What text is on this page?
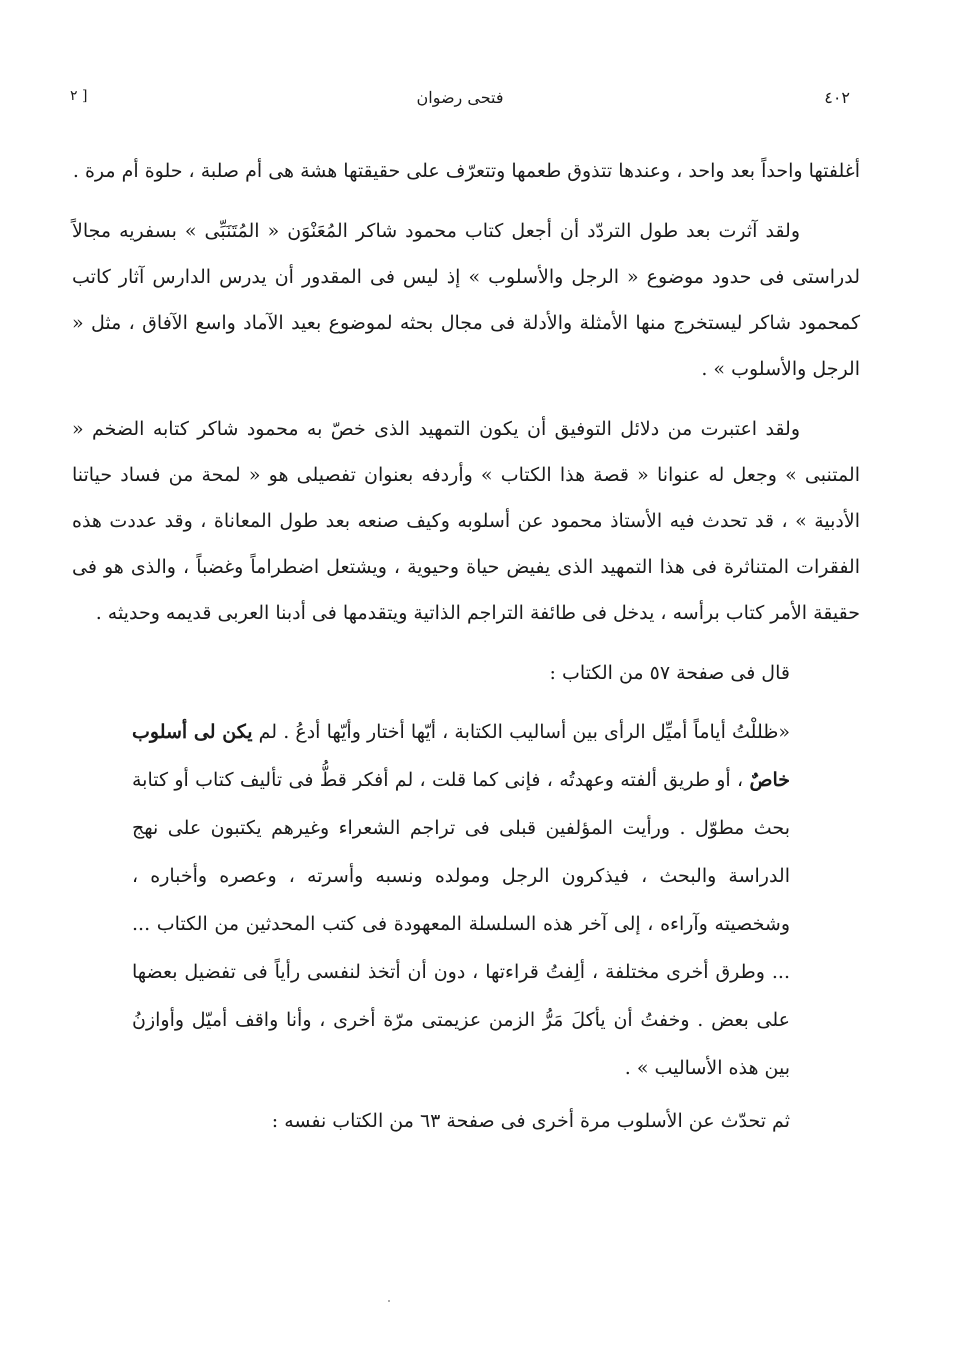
٤٠٢
فتحى رضوان
[ ٢

أغلفتها واحداً بعد واحد ، وعندها تتذوق طعمها وتتعرّف على حقيقتها هشة هى أم صلبة ، حلوة أم مرة .

ولقد آثرت بعد طول التردّد أن أجعل كتاب محمود شاكر المُعَنْوَن « المُتَنَبِّى » بسفريه مجالاً لدراستى فى حدود موضوع « الرجل والأسلوب » إذ ليس فى المقدور أن يدرس الدارس آثار كاتب كمحمود شاكر ليستخرج منها الأمثلة والأدلة فى مجال بحثه لموضوع بعيد الآماد واسع الآفاق ، مثل « الرجل والأسلوب » .

ولقد اعتبرت من دلائل التوفيق أن يكون التمهيد الذى خصّ به محمود شاكر كتابه الضخم « المتنبى » وجعل له عنوانا « قصة هذا الكتاب » وأردفه بعنوان تفصيلى هو « لمحة من فساد حياتنا الأدبية » ، قد تحدث فيه الأستاذ محمود عن أسلوبه وكيف صنعه بعد طول المعاناة ، وقد عددت هذه الفقرات المتناثرة فى هذا التمهيد الذى يفيض حياة وحيوية ، ويشتعل اضطراماً وغضباً ، والذى هو فى حقيقة الأمر كتاب برأسه ، يدخل فى طائفة التراجم الذاتية ويتقدمها فى أدبنا العربى قديمه وحديثه .

قال فى صفحة ٥٧ من الكتاب :

«ظللْتُ أياماً أميِّل الرأى بين أساليب الكتابة ، أيّها أختار وأيّها أدعُ . لم يكن لى أسلوب خاصٌ ، أو طريق ألفته وعهدتُه ، فإنى كما قلت ، لم أفكر قطُّ فى تأليف كتاب أو كتابة بحث مطوّل . ورأيت المؤلفين قبلى فى تراجم الشعراء وغيرهم يكتبون على نهج الدراسة والبحث ، فيذكرون الرجل ومولده ونسبه وأسرته ، وعصره وأخباره ، وشخصيته وآراءه ، إلى آخر هذه السلسلة المعهودة فى كتب المحدثين من الكتاب ... ... وطرق أخرى مختلفة ، ألِفتُ قراءتها ، دون أن أتخذ لنفسى رأياً فى تفضيل بعضها على بعض . وخفتُ أن يأكلَ مَرُّ الزمن عزيمتى مرّة أخرى ، وأنا واقف أميّل وأوازنُ بين هذه الأساليب » .

ثم تحدّث عن الأسلوب مرة أخرى فى صفحة ٦٣ من الكتاب نفسه :
